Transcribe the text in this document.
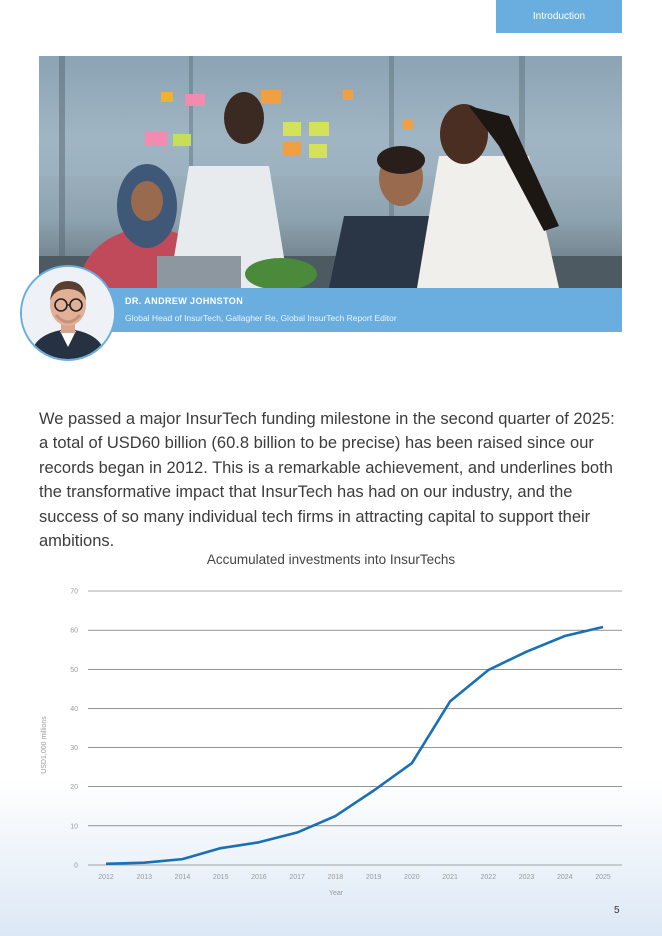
Introduction
DR. ANDREW JOHNSTON
Global Head of InsurTech, Gallagher Re, Global InsurTech Report Editor

We passed a major InsurTech funding milestone in the second quarter of 2025: a total of USD60 billion (60.8 billion to be precise) has been raised since our records began in 2012. This is a remarkable achievement, and underlines both the transformative impact that InsurTech has had on our industry, and the success of so many individual tech firms in attracting capital to support their ambitions.

Accumulated investments into InsurTechs
0
10
20
30
40
50
60
70
2012	2013	2014	2015	2016	2017	2018	2019	2020	2021	2022	2023	2024	2025
USD1,000 millions
Year
5
